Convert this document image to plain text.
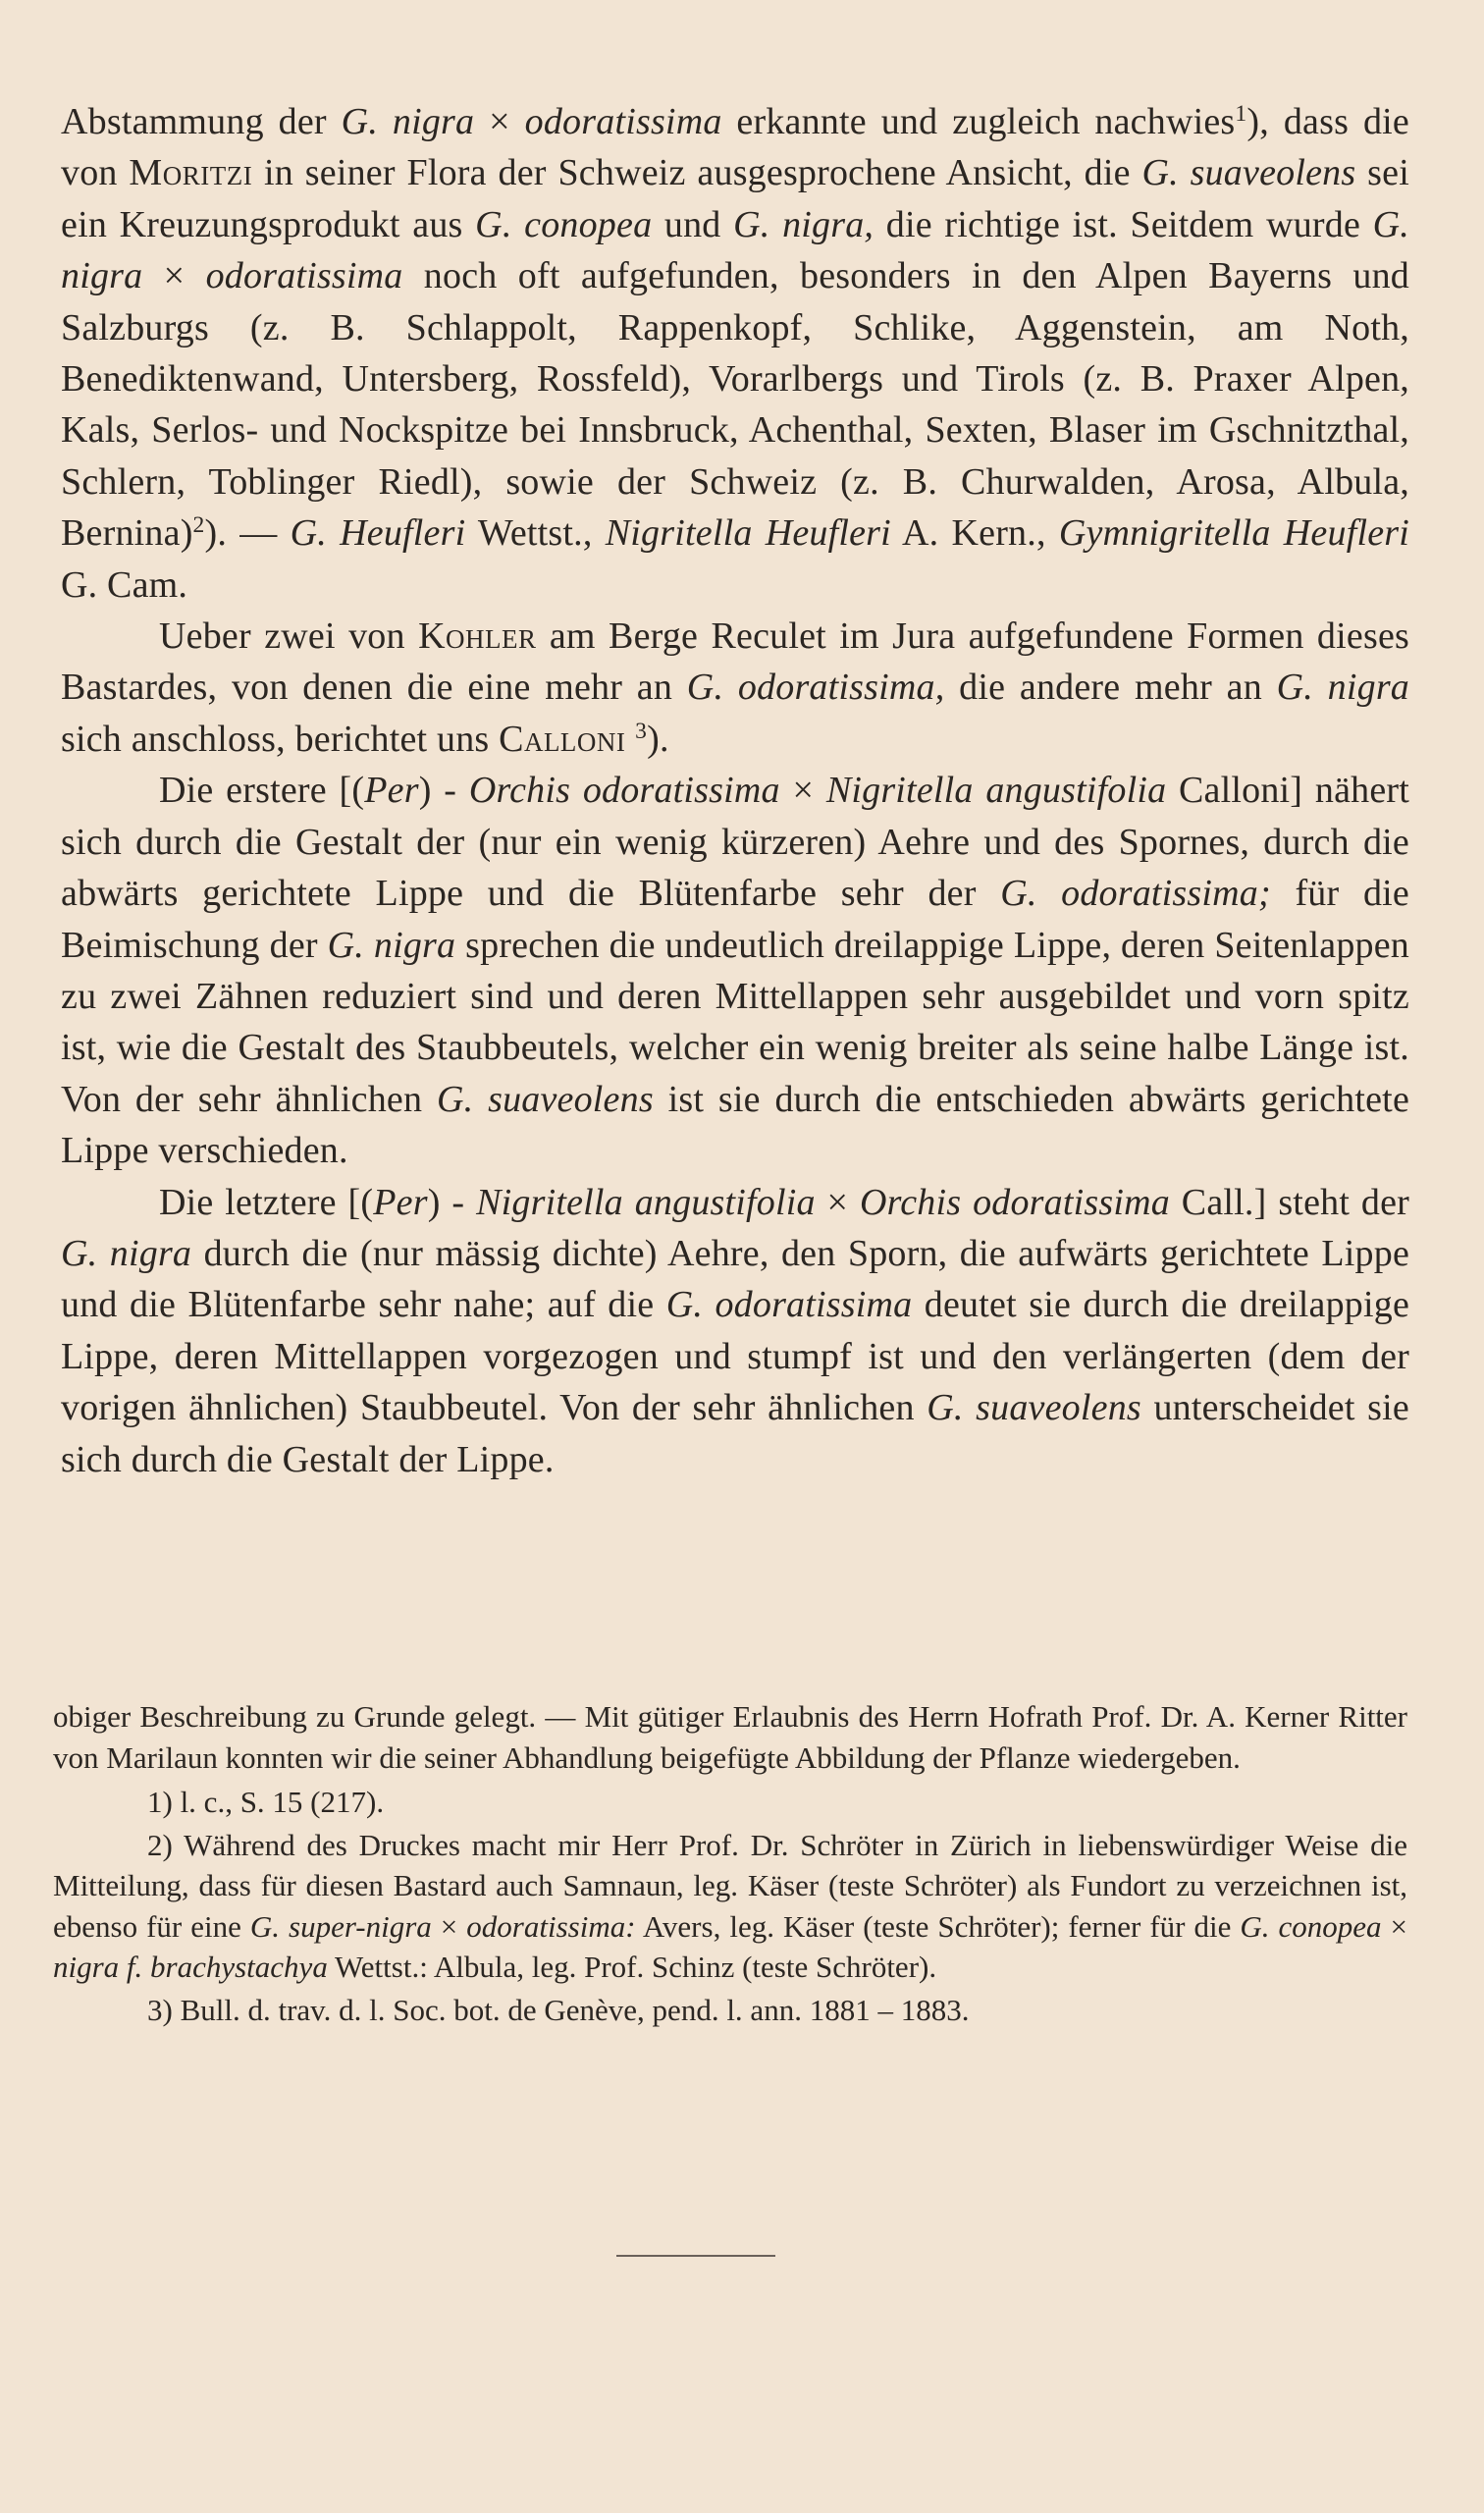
Abstammung der G. nigra × odoratissima erkannte und zugleich nachwies$^1$), dass die von Moritzi in seiner Flora der Schweiz ausgesprochene Ansicht, die G. suaveolens sei ein Kreuzungsprodukt aus G. conopea und G. nigra, die richtige ist. Seitdem wurde G. nigra × odoratissima noch oft aufgefunden, besonders in den Alpen Bayerns und Salzburgs (z. B. Schlappolt, Rappenkopf, Schlike, Aggenstein, am Noth, Benediktenwand, Untersberg, Rossfeld), Vorarlbergs und Tirols (z. B. Praxer Alpen, Kals, Serlos- und Nockspitze bei Innsbruck, Achenthal, Sexten, Blaser im Gschnitzthal, Schlern, Toblinger Riedl), sowie der Schweiz (z. B. Churwalden, Arosa, Albula, Bernina)$^2$). — G. Heufleri Wettst., Nigritella Heufleri A. Kern., Gymnigritella Heufleri G. Cam.

Ueber zwei von Kohler am Berge Reculet im Jura aufgefundene Formen dieses Bastardes, von denen die eine mehr an G. odoratissima, die andere mehr an G. nigra sich anschloss, berichtet uns Calloni $^3$).

Die erstere [(Per) - Orchis odoratissima × Nigritella angustifolia Calloni] nähert sich durch die Gestalt der (nur ein wenig kürzeren) Aehre und des Spornes, durch die abwärts gerichtete Lippe und die Blütenfarbe sehr der G. odoratissima; für die Beimischung der G. nigra sprechen die undeutlich dreilappige Lippe, deren Seitenlappen zu zwei Zähnen reduziert sind und deren Mittellappen sehr ausgebildet und vorn spitz ist, wie die Gestalt des Staubbeutels, welcher ein wenig breiter als seine halbe Länge ist. Von der sehr ähnlichen G. suaveolens ist sie durch die entschieden abwärts gerichtete Lippe verschieden.

Die letztere [(Per) - Nigritella angustifolia × Orchis odoratissima Call.] steht der G. nigra durch die (nur mässig dichte) Aehre, den Sporn, die aufwärts gerichtete Lippe und die Blütenfarbe sehr nahe; auf die G. odoratissima deutet sie durch die dreilappige Lippe, deren Mittellappen vorgezogen und stumpf ist und den verlängerten (dem der vorigen ähnlichen) Staubbeutel. Von der sehr ähnlichen G. suaveolens unterscheidet sie sich durch die Gestalt der Lippe.

obiger Beschreibung zu Grunde gelegt. — Mit gütiger Erlaubnis des Herrn Hofrath Prof. Dr. A. Kerner Ritter von Marilaun konnten wir die seiner Abhandlung beigefügte Abbildung der Pflanze wiedergeben.

1) l. c., S. 15 (217).

2) Während des Druckes macht mir Herr Prof. Dr. Schröter in Zürich in liebenswürdiger Weise die Mitteilung, dass für diesen Bastard auch Samnaun, leg. Käser (teste Schröter) als Fundort zu verzeichnen ist, ebenso für eine G. super-nigra × odoratissima: Avers, leg. Käser (teste Schröter); ferner für die G. conopea × nigra f. brachystachya Wettst.: Albula, leg. Prof. Schinz (teste Schröter).

3) Bull. d. trav. d. l. Soc. bot. de Genève, pend. l. ann. 1881 – 1883.
